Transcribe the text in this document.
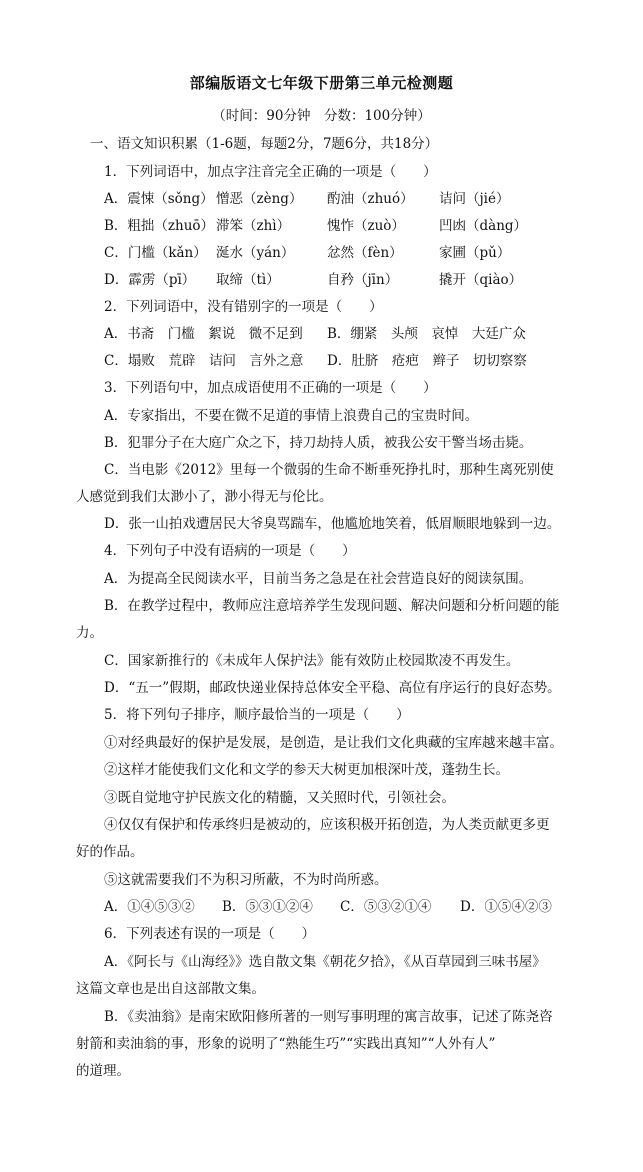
部编版语文七年级下册第三单元检测题
（时间：90分钟　分数：100分钟）
一、语文知识积累（1-6题，每题2分，7题6分，共18分）
1．下列词语中，加点字注音完全正确的一项是（　　）
A．震悚（sǒng） 憎恶（zèng） 酌油（zhuó） 诘问（jié）
B．粗拙（zhuō） 滞笨（zhì）	愧怍（zuò）	凹凼（dàng）
C．门槛（kǎn） 涎水（yán） 忿然（fèn）	家圃（pǔ）
D．霹雳（pī） 取缔（tì）	自矜（jīn）	撬开（qiào）
2．下列词语中，没有错别字的一项是（　　）
A．书斋　门槛　絮说　微不足到 B．绷紧　头颅　哀悼　大廷广众
C．塌败　荒辟　诘问　言外之意 D．肚脐　疮疤　辫子　切切察察
3．下列语句中，加点成语使用不正确的一项是（　　）
A．专家指出，不要在微不足道的事情上浪费自己的宝贵时间。
B．犯罪分子在大庭广众之下，持刀劫持人质，被我公安干警当场击毙。
C．当电影《2012》里每一个微弱的生命不断垂死挣扎时，那种生离死别使
人感觉到我们太渺小了，渺小得无与伦比。
D．张一山拍戏遭居民大爷臭骂踹车，他尴尬地笑着，低眉顺眼地躲到一边。
4．下列句子中没有语病的一项是（　　）
A．为提高全民阅读水平，目前当务之急是在社会营造良好的阅读氛围。
B．在教学过程中，教师应注意培养学生发现问题、解决问题和分析问题的能
力。
C．国家新推行的《未成年人保护法》能有效防止校园欺凌不再发生。
D．“五一”假期，邮政快递业保持总体安全平稳、高位有序运行的良好态势。
5．将下列句子排序，顺序最恰当的一项是（　　）
①对经典最好的保护是发展，是创造，是让我们文化典藏的宝库越来越丰富。
②这样才能使我们文化和文学的参天大树更加根深叶茂，蓬勃生长。
③既自觉地守护民族文化的精髓，又关照时代，引领社会。
④仅仅有保护和传承终归是被动的，应该积极开拓创造，为人类贡献更多更
好的作品。
⑤这就需要我们不为积习所蔽，不为时尚所惑。
A．①④⑤③② B．⑤③①②④ C．⑤③②①④ D．①⑤④②③
6．下列表述有误的一项是（　　）
A．《阿长与《山海经》》选自散文集《朝花夕拾》，《从百草园到三味书屋》
这篇文章也是出自这部散文集。
B．《卖油翁》是南宋欧阳修所著的一则写事明理的寓言故事，记述了陈尧咨
射箭和卖油翁的事，形象的说明了“熟能生巧”“实践出真知”“人外有人”
的道理。
